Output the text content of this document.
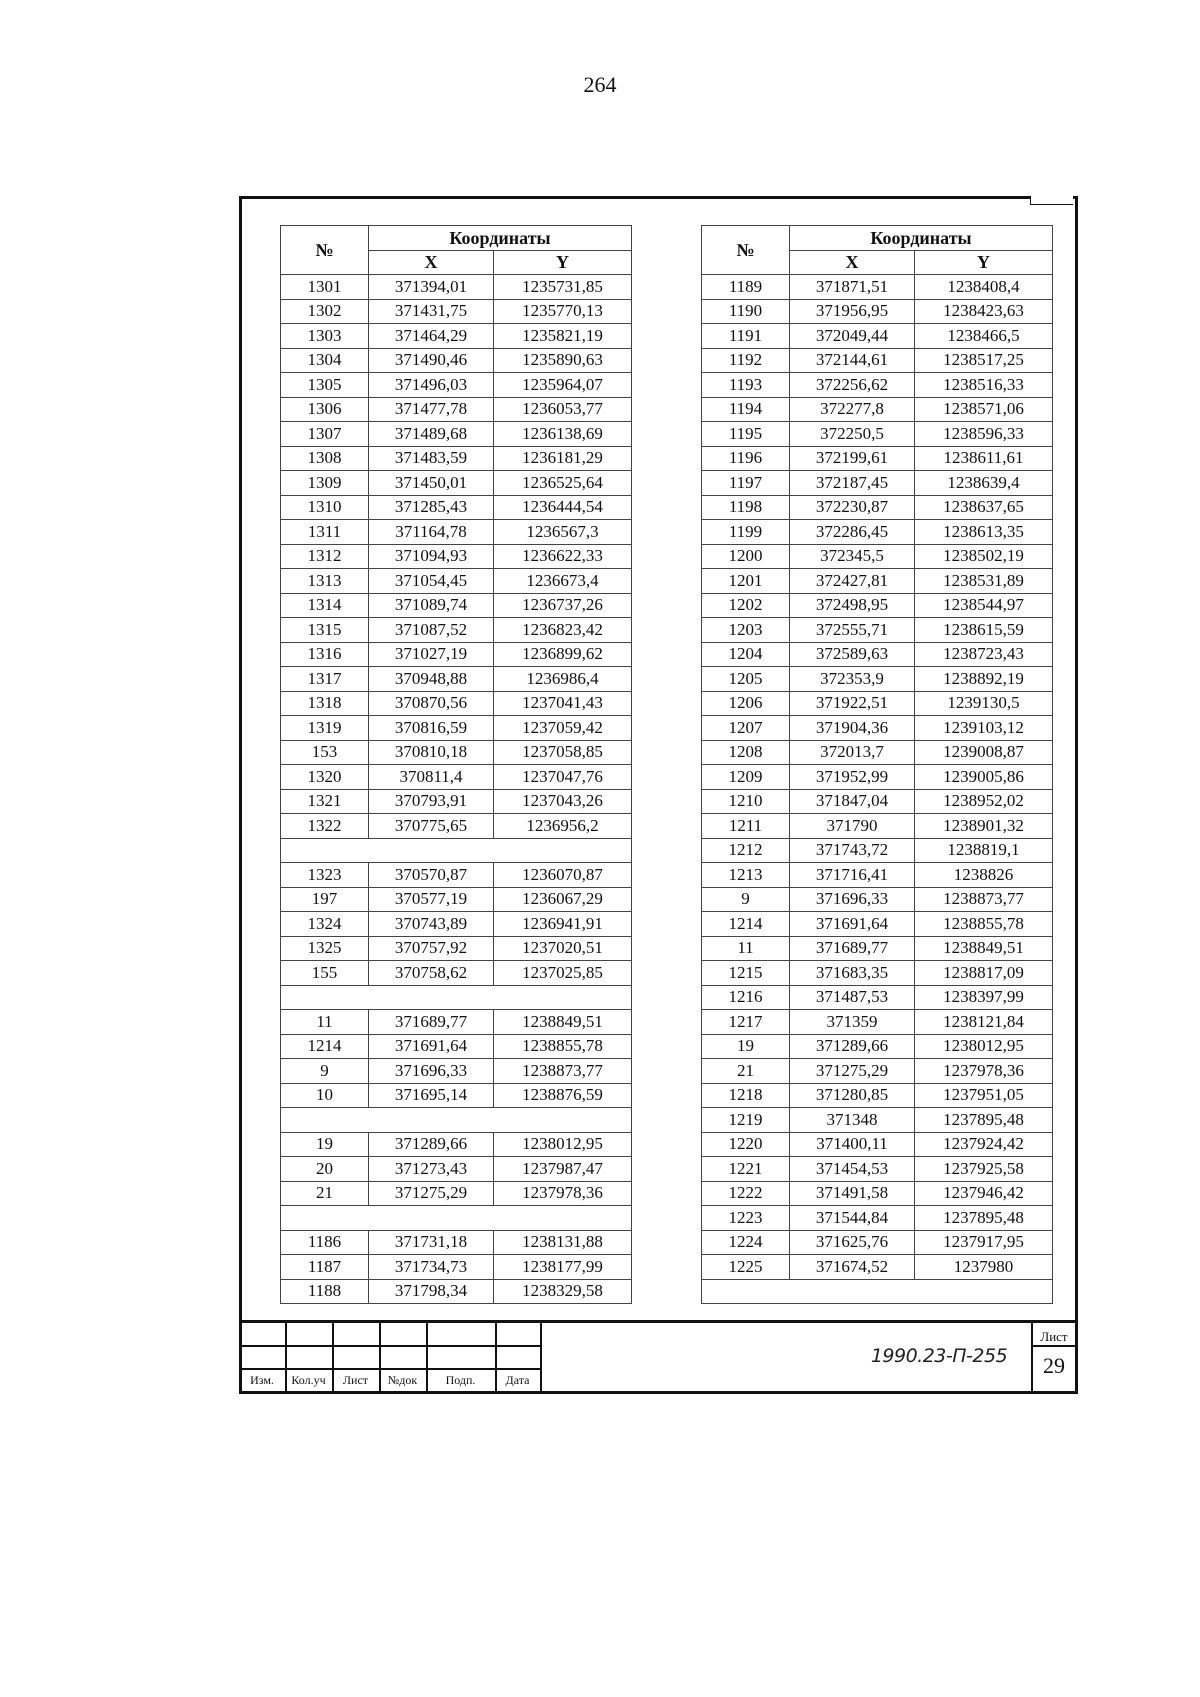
264
№	Координаты	
	X	Y
1301	371394,01	1235731,85
1302	371431,75	1235770,13
1303	371464,29	1235821,19
1304	371490,46	1235890,63
1305	371496,03	1235964,07
1306	371477,78	1236053,77
1307	371489,68	1236138,69
1308	371483,59	1236181,29
1309	371450,01	1236525,64
1310	371285,43	1236444,54
1311	371164,78	1236567,3
1312	371094,93	1236622,33
1313	371054,45	1236673,4
1314	371089,74	1236737,26
1315	371087,52	1236823,42
1316	371027,19	1236899,62
1317	370948,88	1236986,4
1318	370870,56	1237041,43
1319	370816,59	1237059,42
153	370810,18	1237058,85
1320	370811,4	1237047,76
1321	370793,91	1237043,26
1322	370775,65	1236956,2

1323	370570,87	1236070,87
197	370577,19	1236067,29
1324	370743,89	1236941,91
1325	370757,92	1237020,51
155	370758,62	1237025,85

11	371689,77	1238849,51
1214	371691,64	1238855,78
9	371696,33	1238873,77
10	371695,14	1238876,59

19	371289,66	1238012,95
20	371273,43	1237987,47
21	371275,29	1237978,36

1186	371731,18	1238131,88
1187	371734,73	1238177,99
1188	371798,34	1238329,58
№	Координаты	
	X	Y
1189	371871,51	1238408,4
1190	371956,95	1238423,63
1191	372049,44	1238466,5
1192	372144,61	1238517,25
1193	372256,62	1238516,33
1194	372277,8	1238571,06
1195	372250,5	1238596,33
1196	372199,61	1238611,61
1197	372187,45	1238639,4
1198	372230,87	1238637,65
1199	372286,45	1238613,35
1200	372345,5	1238502,19
1201	372427,81	1238531,89
1202	372498,95	1238544,97
1203	372555,71	1238615,59
1204	372589,63	1238723,43
1205	372353,9	1238892,19
1206	371922,51	1239130,5
1207	371904,36	1239103,12
1208	372013,7	1239008,87
1209	371952,99	1239005,86
1210	371847,04	1238952,02
1211	371790	1238901,32
1212	371743,72	1238819,1
1213	371716,41	1238826
9	371696,33	1238873,77
1214	371691,64	1238855,78
11	371689,77	1238849,51
1215	371683,35	1238817,09
1216	371487,53	1238397,99
1217	371359	1238121,84
19	371289,66	1238012,95
21	371275,29	1237978,36
1218	371280,85	1237951,05
1219	371348	1237895,48
1220	371400,11	1237924,42
1221	371454,53	1237925,58
1222	371491,58	1237946,42
1223	371544,84	1237895,48
1224	371625,76	1237917,95
1225	371674,52	1237980

Изм.	Кол.уч	Лист	№док	Подп.	Дата
1990.23-П-255
Лист
29
